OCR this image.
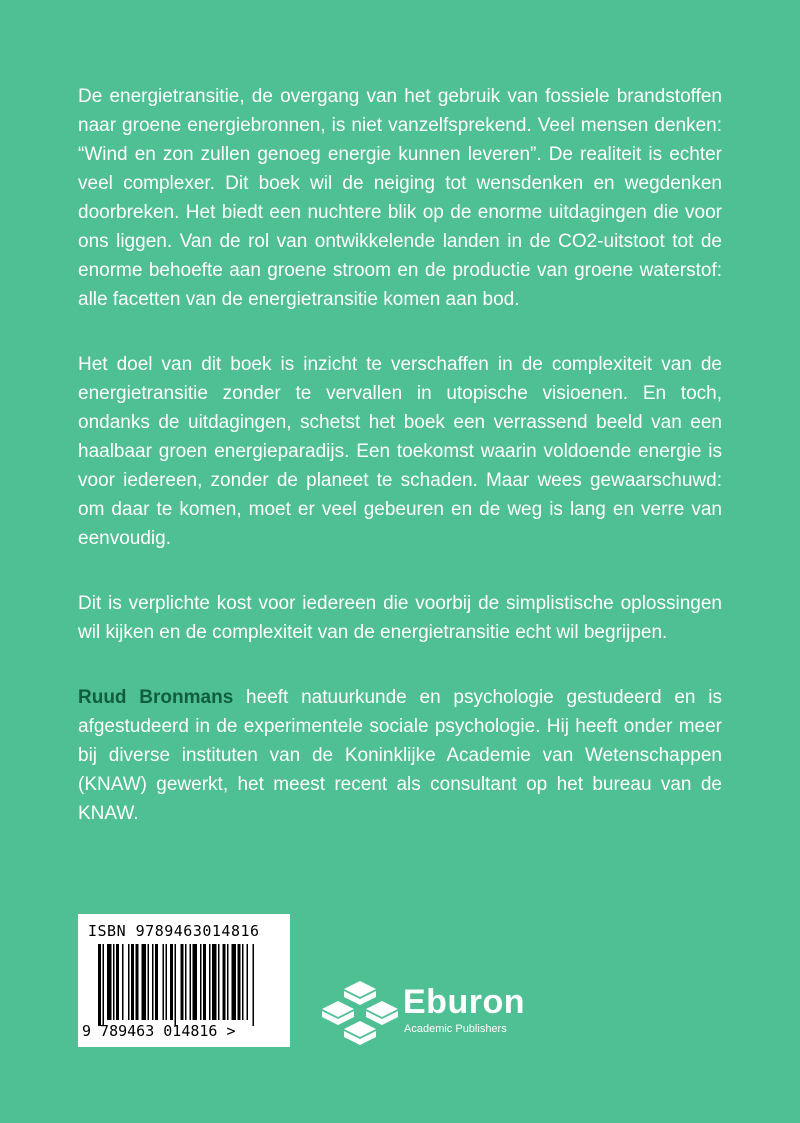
De energietransitie, de overgang van het gebruik van fossiele brandstoffen naar groene energiebronnen, is niet vanzelfsprekend. Veel mensen denken: “Wind en zon zullen genoeg energie kunnen leveren”. De realiteit is echter veel complexer. Dit boek wil de neiging tot wensdenken en wegdenken doorbreken. Het biedt een nuchtere blik op de enorme uitdagingen die voor ons liggen. Van de rol van ontwikkelende landen in de CO2-uitstoot tot de enorme behoefte aan groene stroom en de productie van groene waterstof: alle facetten van de energietransitie komen aan bod.

Het doel van dit boek is inzicht te verschaffen in de complexiteit van de energietransitie zonder te vervallen in utopische visioenen. En toch, ondanks de uitdagingen, schetst het boek een verrassend beeld van een haalbaar groen energieparadijs. Een toekomst waarin voldoende energie is voor iedereen, zonder de planeet te schaden. Maar wees gewaarschuwd: om daar te komen, moet er veel gebeuren en de weg is lang en verre van eenvoudig.

Dit is verplichte kost voor iedereen die voorbij de simplistische oplossingen wil kijken en de complexiteit van de energietransitie echt wil begrijpen.

Ruud Bronmans heeft natuurkunde en psychologie gestudeerd en is afgestudeerd in de experimentele sociale psychologie. Hij heeft onder meer bij diverse instituten van de Koninklijke Academie van Wetenschappen (KNAW) gewerkt, het meest recent als consultant op het bureau van de KNAW.

ISBN 9789463014816
9 789463 014816 >
Eburon
Academic Publishers
